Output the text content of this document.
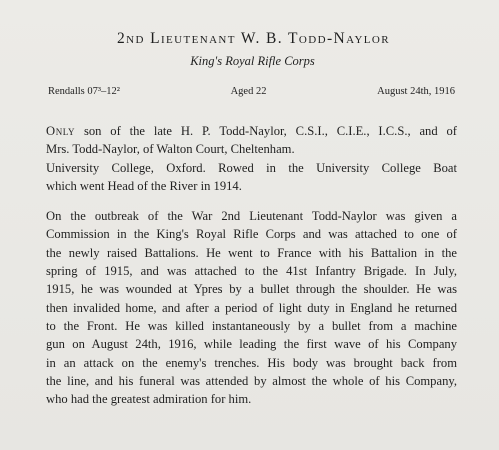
2nd Lieutenant W. B. Todd-Naylor
King's Royal Rifle Corps
Rendalls 07³–12²	Aged 22	August 24th, 1916
Only son of the late H. P. Todd-Naylor, C.S.I., C.I.E., I.C.S., and of
Mrs. Todd-Naylor, of Walton Court, Cheltenham.
University College, Oxford. Rowed in the University College Boat
which went Head of the River in 1914.
On the outbreak of the War 2nd Lieutenant Todd-Naylor was given a
Commission in the King's Royal Rifle Corps and was attached to one of
the newly raised Battalions. He went to France with his Battalion in the
spring of 1915, and was attached to the 41st Infantry Brigade. In July,
1915, he was wounded at Ypres by a bullet through the shoulder. He was
then invalided home, and after a period of light duty in England he returned
to the Front. He was killed instantaneously by a bullet from a machine
gun on August 24th, 1916, while leading the first wave of his Company
in an attack on the enemy's trenches. His body was brought back from
the line, and his funeral was attended by almost the whole of his Company,
who had the greatest admiration for him.
